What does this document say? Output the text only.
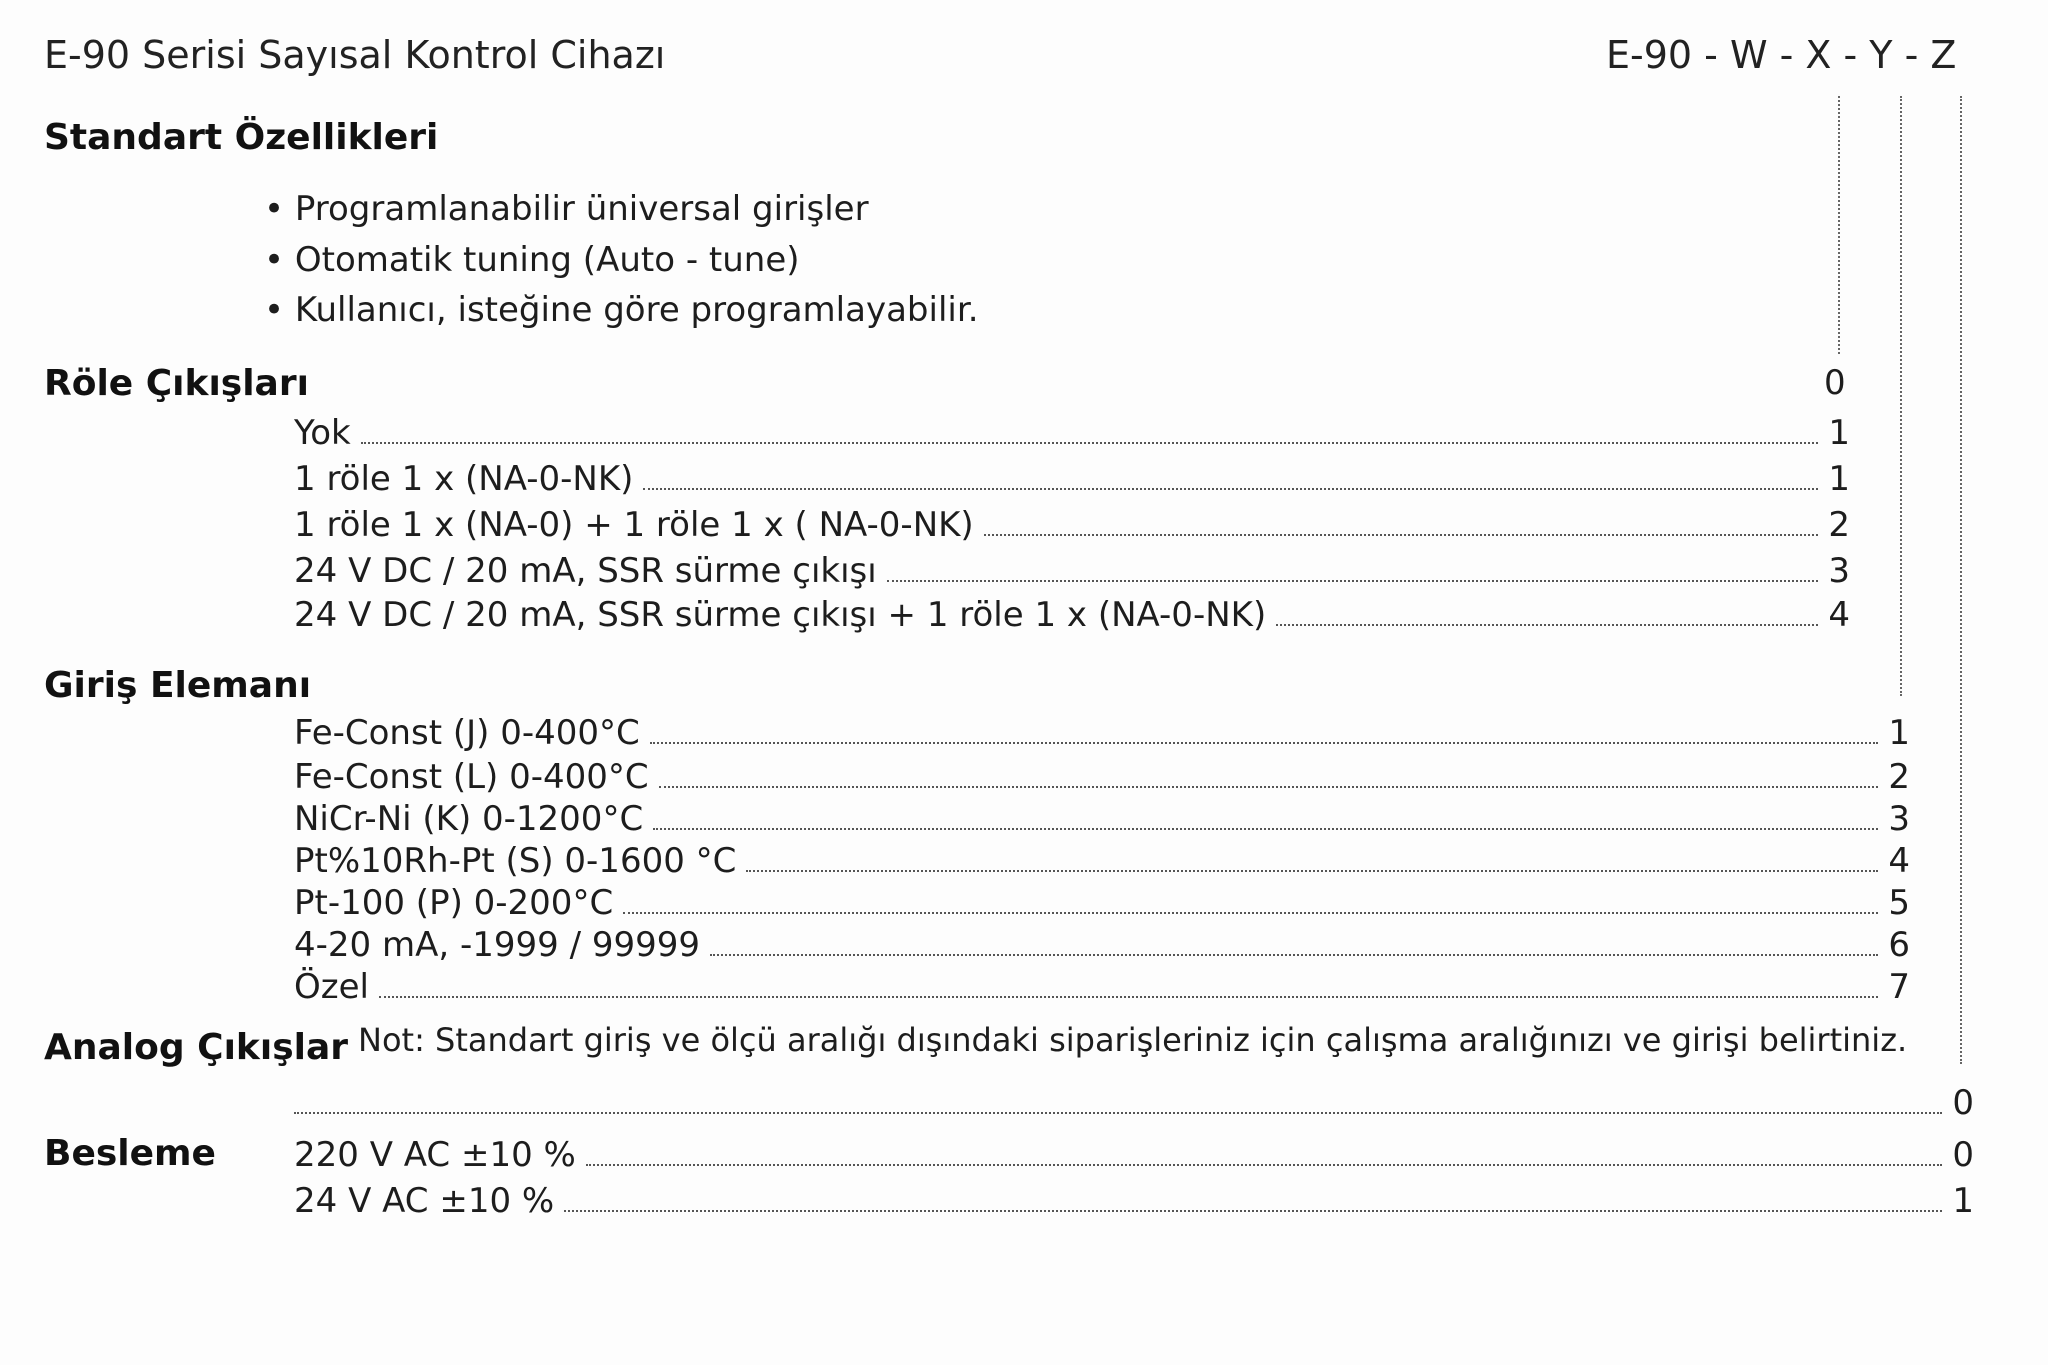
E-90 Serisi Sayısal Kontrol Cihazı	E-90 - W - X - Y - Z
Standart Özellikleri
• Programlanabilir üniversal girişler
• Otomatik tuning (Auto - tune)
• Kullanıcı, isteğine göre programlayabilir.
Röle Çıkışları	0
Yok	1
1 röle 1 x (NA-0-NK)	1
1 röle 1 x (NA-0) + 1 röle 1 x ( NA-0-NK)	2
24 V DC / 20 mA, SSR sürme çıkışı	3
24 V DC / 20 mA, SSR sürme çıkışı + 1 röle 1 x (NA-0-NK)	4
Giriş Elemanı
Fe-Const (J) 0-400°C	1
Fe-Const (L) 0-400°C	2
NiCr-Ni (K) 0-1200°C	3
Pt%10Rh-Pt (S) 0-1600 °C	4
Pt-100 (P) 0-200°C	5
4-20 mA, -1999 / 99999	6
Özel	7
Analog Çıkışlar Not: Standart giriş ve ölçü aralığı dışındaki siparişleriniz için çalışma aralığınızı ve girişi belirtiniz.
0
Besleme 220 V AC ±10 %	0
24 V AC ±10 %	1
